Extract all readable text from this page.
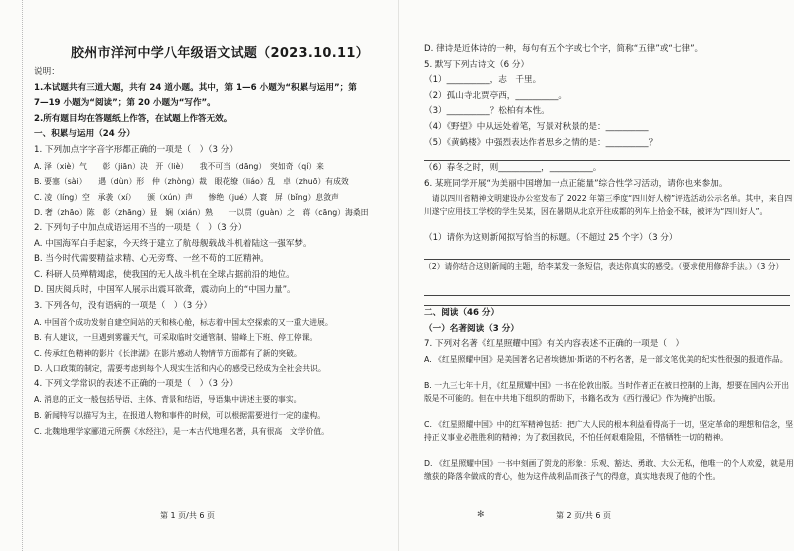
胶州市洋河中学八年级语文试题（2023.10.11）
说明：
1.本试题共有三道大题，共有 24 道小题。其中，第 1—6 小题为“积累与运用”；第
7—19 小题为“阅读”；第 20 小题为“写作”。
2.所有题目均在答题纸上作答，在试题上作答无效。
一、积累与运用（24 分）
1. 下列加点字字音字形都正确的一项是（　）（3 分）
A. 泽（xiè）气　　彰（jiān）决　开（liè）　　我不可当（dāng）　突如奇（qí）来
B. 要塞（sài）　　遇（dùn）形　仲（zhòng）裁　眼花缭（liáo）乱　卓（zhuō）有成效
C. 凌（líng）空　承袭（xí）　　颁（xún）声　　惨绝（jué）人寰　屏（bǐng）息敛声
D. 奢（zhāo）陈　彰（zhāng）显　娴（xián）熟　　一以贯（guàn）之　蒋（cāng）海桑田
2. 下列句子中加点成语运用不当的一项是（　）（3 分）
A. 中国海军白手起家，今天终于建立了航母舰载战斗机着陆这一强军梦。
B. 当今时代需要精益求精、心无旁骛、一丝不苟的工匠精神。
C. 科研人员殚精竭虑，使我国的无人战斗机在全球占据前沿的地位。
D. 国庆阅兵时，中国军人展示出震耳欲聋，震动向上的“中国力量”。
3. 下列各句，没有语病的一项是（　）（3 分）
A. 中国首个成功发射自建空间站的天和核心舱，标志着中国太空探索的又一重大进展。
B. 有人建议，一旦遇到雾霾天气，可采取临时交通管制、错峰上下班、停工停课。
C. 传承红色精神的影片《长津湖》在影片感动人物情节方面都有了新的突破。
D. 人口政策的制定，需要考虑到每个人现实生活和内心的感受已经成为全社会共识。
4. 下列文学常识的表述不正确的一项是（　）（3 分）
A. 消息的正文一般包括导语、主体、背景和结语，导语集中讲述主要的事实。
B. 新闻特写以描写为主，在报道人物和事件的时候，可以根据需要进行一定的虚构。
C. 北魏地理学家郦道元所撰《水经注》，是一本古代地理名著，具有很高　文学价值。
第 1 页/共 6 页
D. 律诗是近体诗的一种，每句有五个字或七个字，简称“五律”或“七律”。
5. 默写下列古诗文（6 分）
（1）__________，志　千里。
（2）孤山寺北贾亭西，__________。
（3）__________？松柏有本性。
（4）《野望》中从远处着笔，写景对秋景的是：__________
（5）《黄鹤楼》中强烈表达作者思乡之情的是：__________？
（6）春冬之时，则__________，__________。
6. 某班同学开展“为美丽中国增加一点正能量”综合性学习活动，请你也来参加。
　请以四川省精神文明建设办公室发布了 2022 年第三季度“四川好人榜”评选活动公示名单。其中，来自四川遂宁应用技工学校的学生吴某，因在暑期从北京开往成都的列车上拾金不昧，被评为“四川好人”。
（1）请你为这则新闻拟写恰当的标题。（不超过 25 个字）（3 分）
（2）请你结合这则新闻的主题，给李某发一条短信，表达你真实的感受。（要求使用修辞手法。）（3 分）
二、阅读（46 分）
（一）名著阅读（3 分）
7. 下列对名著《红星照耀中国》有关内容表述不正确的一项是（　）
A. 《红星照耀中国》是美国著名记者埃德加·斯诺的不朽名著，是一部文笔优美的纪实性很强的报道作品。
B. 一九三七年十月，《红星照耀中国》一书在伦敦出版。当时作者正在被日控制的上海，想要在国内公开出版是不可能的。但在中共地下组织的帮助下，书籍名改为《西行漫记》作为掩护出版。
C. 《红星照耀中国》中的红军精神包括：把广大人民的根本利益看得高于一切，坚定革命的理想和信念，坚持正义事业必胜胜利的精神；为了救国救民，不怕任何艰难险阻，不惜牺牲一切的精神。
D. 《红星照耀中国》一书中刻画了贺龙的形象：乐观、豁达、勇敢、大公无私，他唯一的个人欢爱，就是用缴获的降落伞做成的背心，他为这件战利品而孩子气的得意，真实地表现了他的个性。
✻	第 2 页/共 6 页
